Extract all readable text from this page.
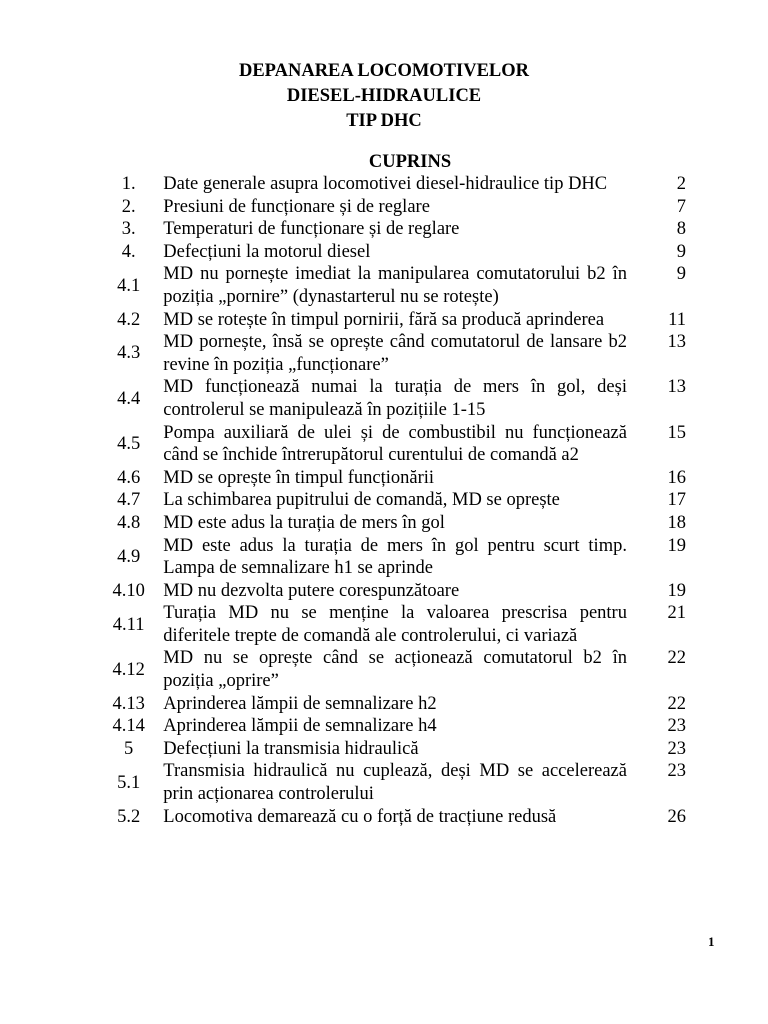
DEPANAREA LOCOMOTIVELOR
DIESEL-HIDRAULICE
TIP DHC
CUPRINS
1.	Date generale asupra locomotivei diesel-hidraulice tip DHC	2
2.	Presiuni de funcționare și de reglare	7
3.	Temperaturi de funcționare și de reglare	8
4.	Defecțiuni la motorul diesel	9
4.1	MD nu pornește imediat la manipularea comutatorului b2 în poziția „pornire” (dynastarterul nu se rotește)	9
4.2	MD se rotește în timpul pornirii, fără sa producă aprinderea	11
4.3	MD pornește, însă se oprește când comutatorul de lansare b2 revine în poziția „funcționare”	13
4.4	MD funcționează numai la turația de mers în gol, deși controlerul se manipulează în pozițiile 1-15	13
4.5	Pompa auxiliară de ulei și de combustibil nu funcționează când se închide întrerupătorul curentului de comandă a2	15
4.6	MD se oprește în timpul funcționării	16
4.7	La schimbarea pupitrului de comandă, MD se oprește	17
4.8	MD este adus la turația de mers în gol	18
4.9	MD este adus la turația de mers în gol pentru scurt timp. Lampa de semnalizare h1 se aprinde	19
4.10	MD nu dezvolta putere corespunzătoare	19
4.11	Turația MD nu se menține la valoarea prescrisa pentru diferitele trepte de comandă ale controlerului, ci variază	21
4.12	MD nu se oprește când se acționează comutatorul b2 în poziția „oprire”	22
4.13	Aprinderea lămpii de semnalizare h2	22
4.14	Aprinderea lămpii de semnalizare h4	23
5	Defecțiuni la transmisia hidraulică	23
5.1	Transmisia hidraulică nu cuplează, deși MD se accelerează prin acționarea controlerului	23
5.2	Locomotiva demarează cu o forță de tracțiune redusă	26
1
